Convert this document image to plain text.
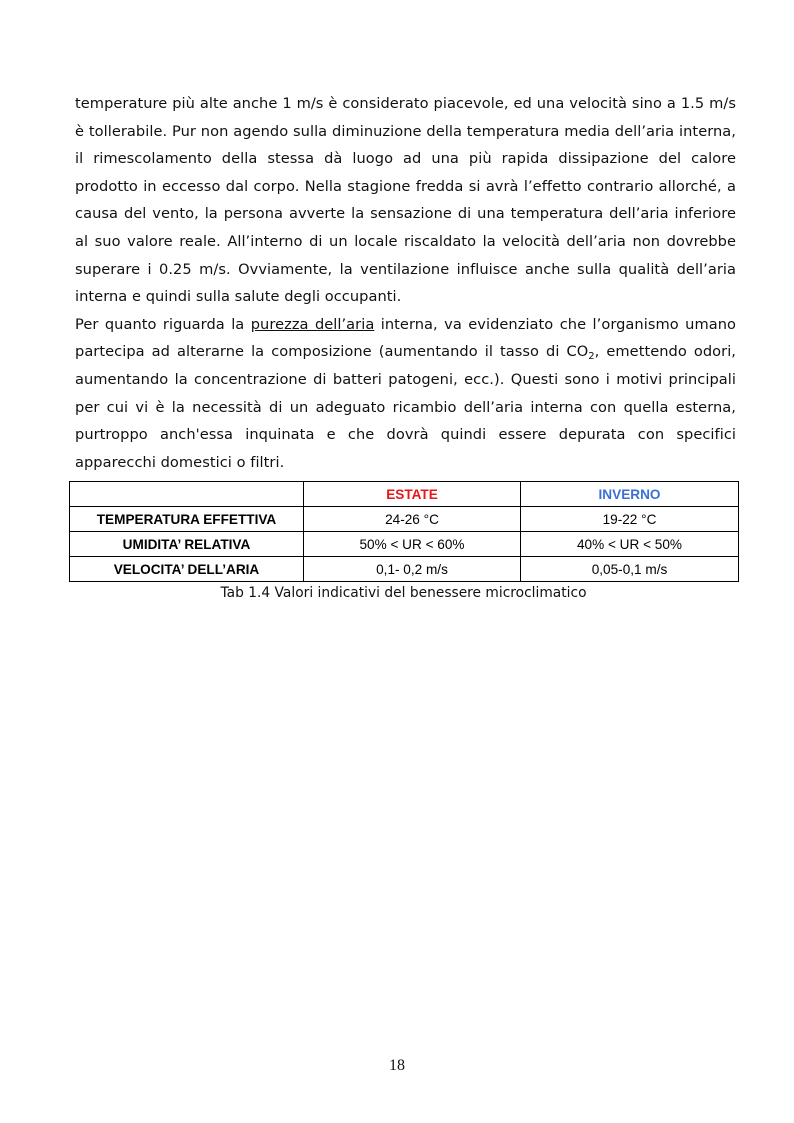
temperature più alte anche 1 m/s è considerato piacevole, ed una velocità sino a 1.5 m/s è tollerabile. Pur non agendo sulla diminuzione della temperatura media dell’aria interna, il rimescolamento della stessa dà luogo ad una più rapida dissipazione del calore prodotto in eccesso dal corpo. Nella stagione fredda si avrà l’effetto contrario allorché, a causa del vento, la persona avverte la sensazione di una temperatura dell’aria inferiore al suo valore reale. All’interno di un locale riscaldato la velocità dell’aria non dovrebbe superare i 0.25 m/s. Ovviamente, la ventilazione influisce anche sulla qualità dell’aria interna e quindi sulla salute degli occupanti.

Per quanto riguarda la purezza dell’aria interna, va evidenziato che l’organismo umano partecipa ad alterarne la composizione (aumentando il tasso di $CO_2$, emettendo odori, aumentando la concentrazione di batteri patogeni, ecc.). Questi sono i motivi principali per cui vi è la necessità di un adeguato ricambio dell’aria interna con quella esterna, purtroppo anch'essa inquinata e che dovrà quindi essere depurata con specifici apparecchi domestici o filtri.

	ESTATE	INVERNO
TEMPERATURA EFFETTIVA	24-26 °C	19-22 °C
UMIDITA’ RELATIVA	50% < UR < 60%	40% < UR < 50%
VELOCITA’ DELL’ARIA	0,1- 0,2 m/s	0,05-0,1 m/s
Tab 1.4 Valori indicativi del benessere microclimatico
18
